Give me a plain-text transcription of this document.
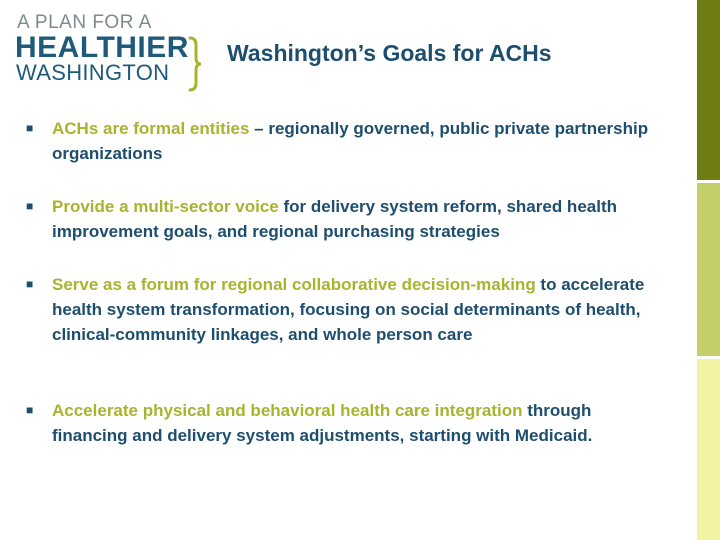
A PLAN FOR A
HEALTHIER
WASHINGTON
Washington’s Goals for ACHs
■ ACHs are formal entities – regionally governed, public private partnership organizations
■ Provide a multi-sector voice for delivery system reform, shared health improvement goals, and regional purchasing strategies
■ Serve as a forum for regional collaborative decision-making to accelerate health system transformation, focusing on social determinants of health, clinical-community linkages, and whole person care
■ Accelerate physical and behavioral health care integration through financing and delivery system adjustments, starting with Medicaid.
